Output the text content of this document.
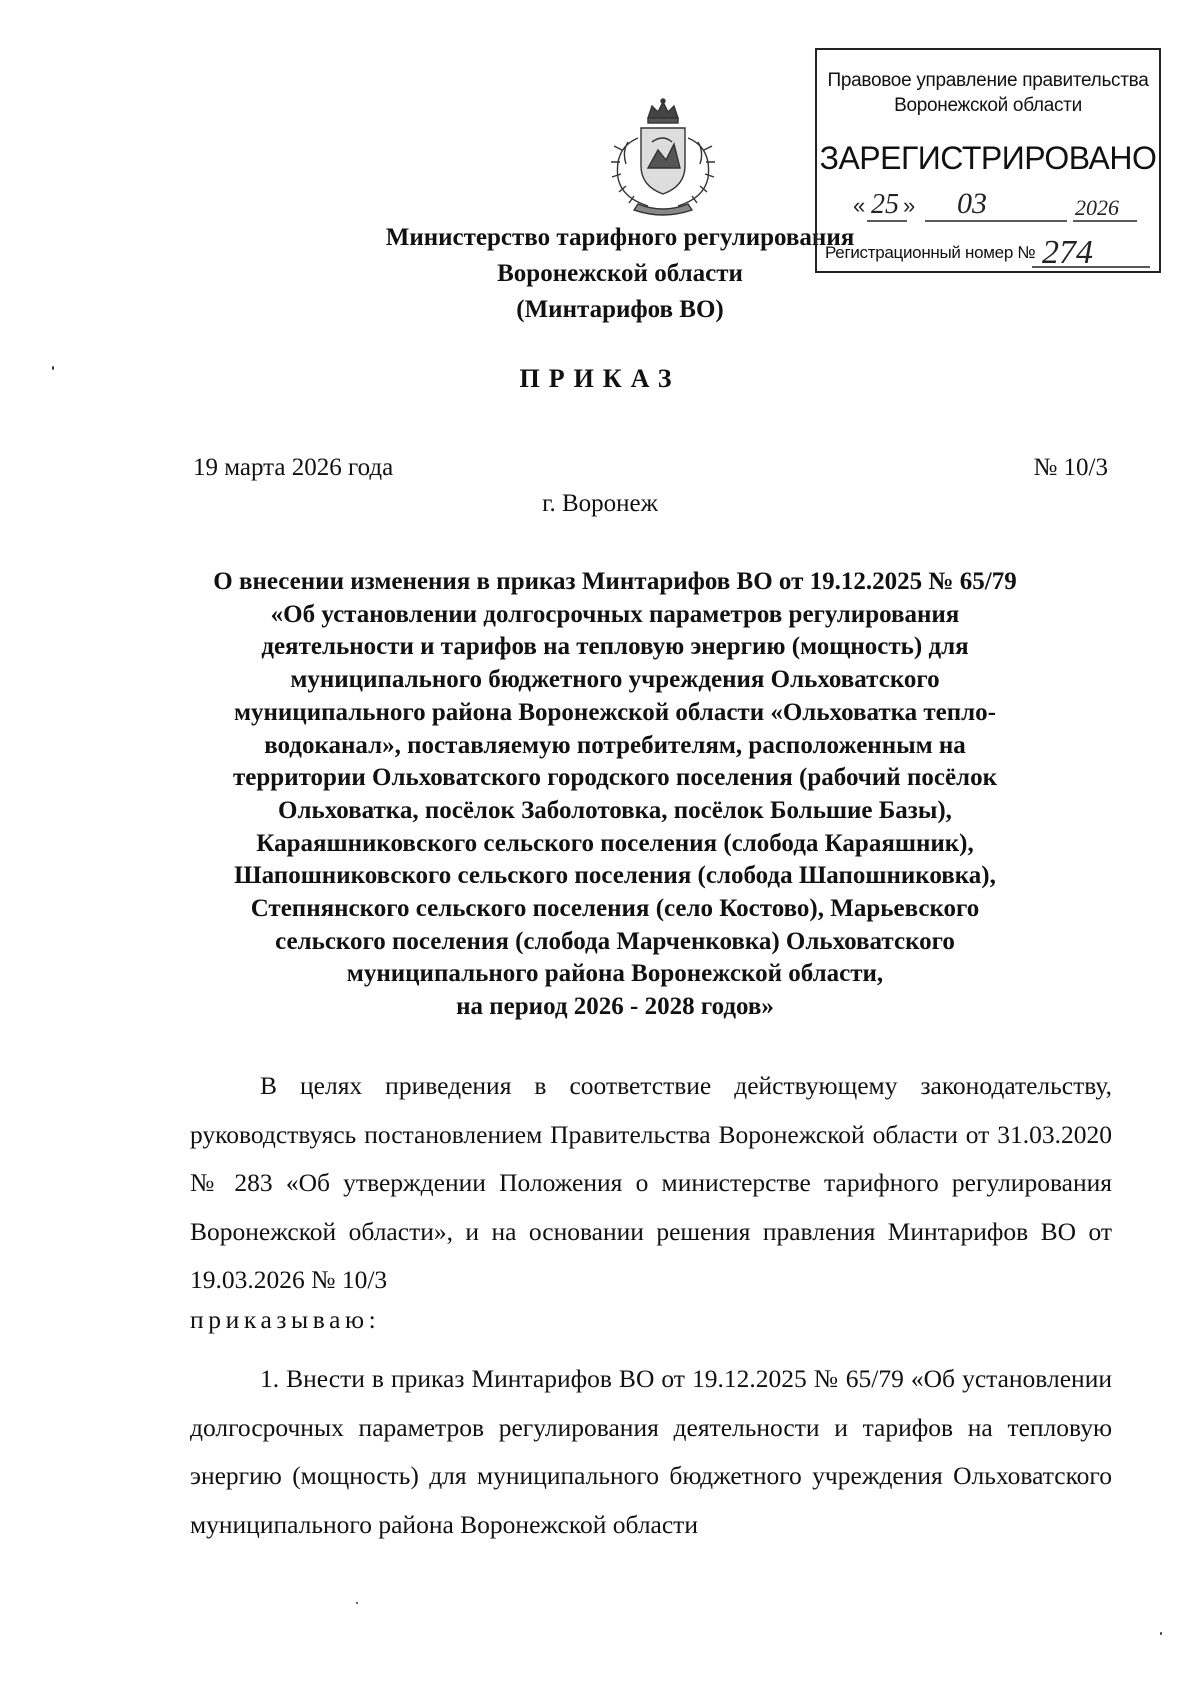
Министерство тарифного регулирования
Воронежской области
(Минтарифов ВО)
Правовое управление правительства
Воронежской области
ЗАРЕГИСТРИРОВАНО
« 25 » 03	2026
Регистрационный номер № 274
ПРИКАЗ
19 марта 2026 года	№ 10/3
г. Воронеж
О внесении изменения в приказ Минтарифов ВО от 19.12.2025 № 65/79
«Об установлении долгосрочных параметров регулирования
деятельности и тарифов на тепловую энергию (мощность) для
муниципального бюджетного учреждения Ольховатского
муниципального района Воронежской области «Ольховатка тепло-
водоканал», поставляемую потребителям, расположенным на
территории Ольховатского городского поселения (рабочий посёлок
Ольховатка, посёлок Заболотовка, посёлок Большие Базы),
Караяшниковского сельского поселения (слобода Караяшник),
Шапошниковского сельского поселения (слобода Шапошниковка),
Степнянского сельского поселения (село Костово), Марьевского
сельского поселения (слобода Марченковка) Ольховатского
муниципального района Воронежской области,
на период 2026 - 2028 годов»
В целях приведения в соответствие действующему законодательству, руководствуясь постановлением Правительства Воронежской области от 31.03.2020 № 283 «Об утверждении Положения о министерстве тарифного регулирования Воронежской области», и на основании решения правления Минтарифов ВО от 19.03.2026 № 10/3
приказываю:
1. Внести в приказ Минтарифов ВО от 19.12.2025 № 65/79 «Об установлении долгосрочных параметров регулирования деятельности и тарифов на тепловую энергию (мощность) для муниципального бюджетного учреждения Ольховатского муниципального района Воронежской области
